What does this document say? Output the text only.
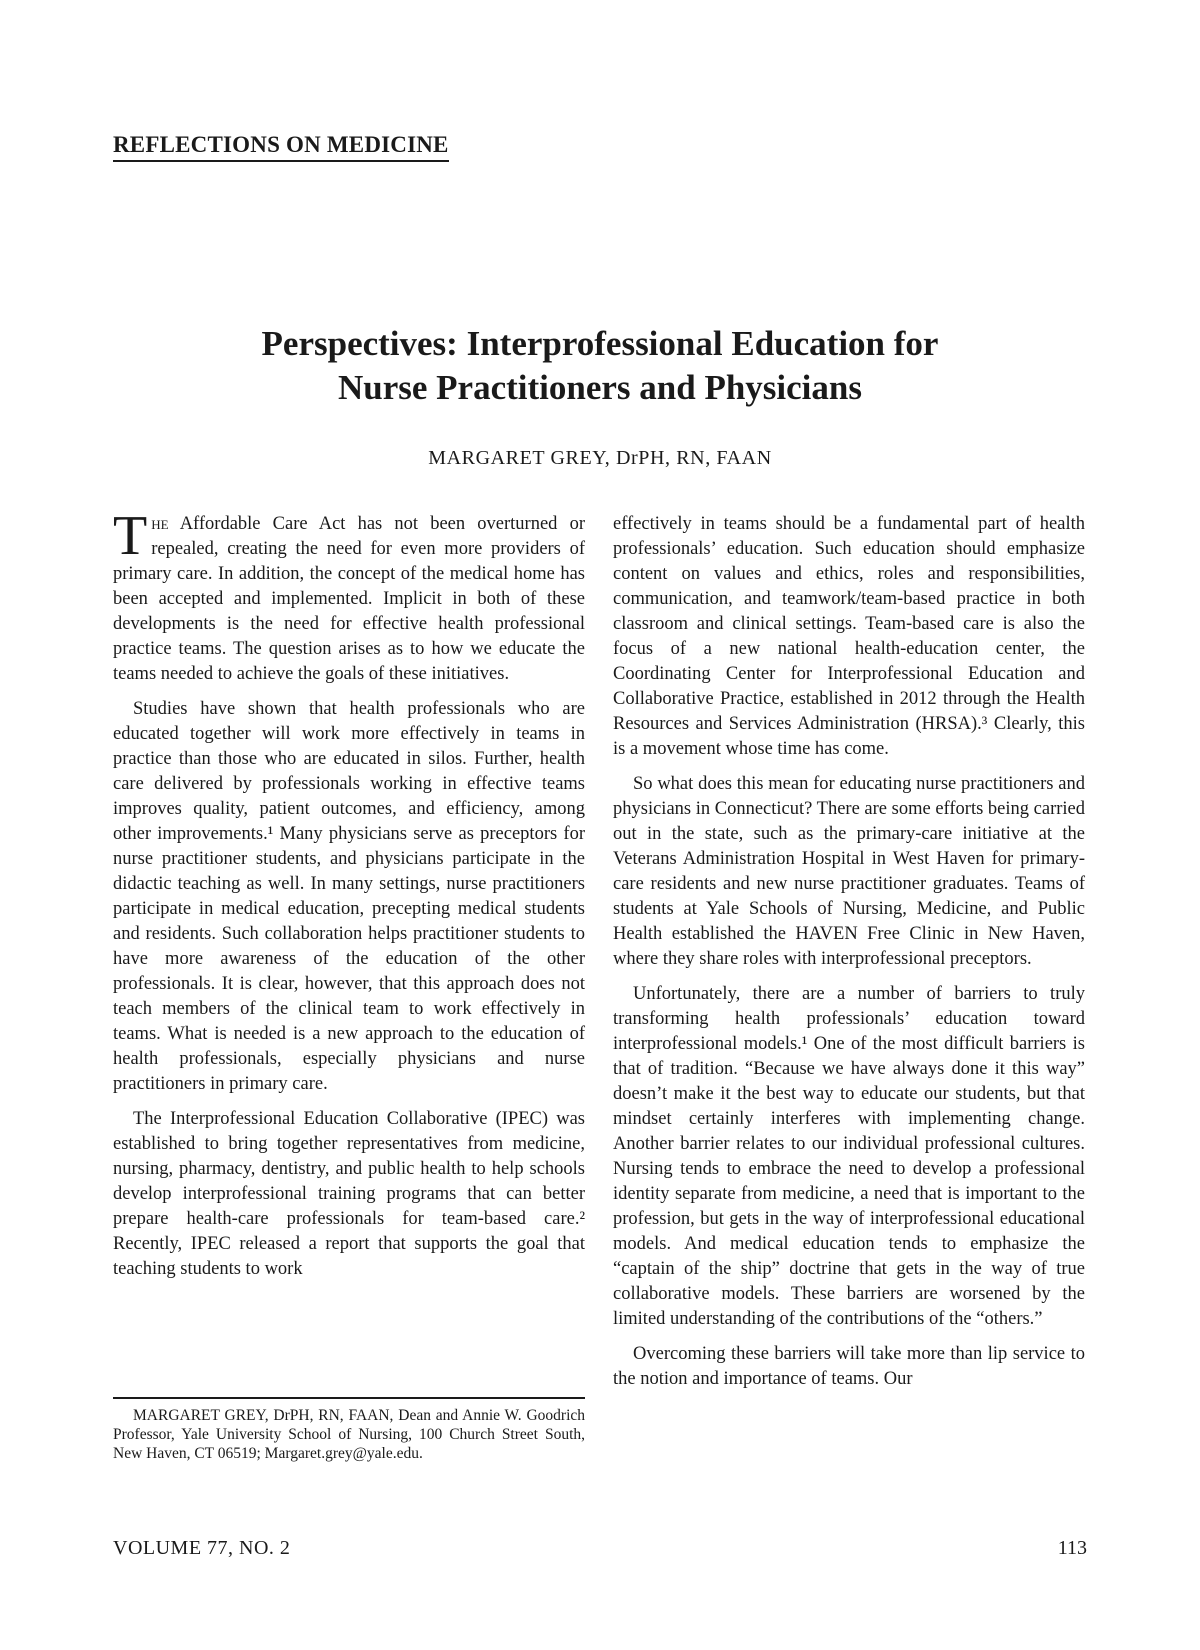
REFLECTIONS ON MEDICINE
Perspectives: Interprofessional Education for
Nurse Practitioners and Physicians
MARGARET GREY, DrPH, RN, FAAN

The Affordable Care Act has not been overturned or repealed, creating the need for even more providers of primary care. In addition, the concept of the medical home has been accepted and implemented. Implicit in both of these developments is the need for effective health professional practice teams. The question arises as to how we educate the teams needed to achieve the goals of these initiatives.

Studies have shown that health professionals who are educated together will work more effectively in teams in practice than those who are educated in silos. Further, health care delivered by professionals working in effective teams improves quality, patient outcomes, and efficiency, among other improvements.¹ Many physicians serve as preceptors for nurse practitioner students, and physicians participate in the didactic teaching as well. In many settings, nurse practitioners participate in medical education, precepting medical students and residents. Such collaboration helps practitioner students to have more awareness of the education of the other professionals. It is clear, however, that this approach does not teach members of the clinical team to work effectively in teams. What is needed is a new approach to the education of health professionals, especially physicians and nurse practitioners in primary care.

The Interprofessional Education Collaborative (IPEC) was established to bring together representatives from medicine, nursing, pharmacy, dentistry, and public health to help schools develop interprofessional training programs that can better prepare health-care professionals for team-based care.² Recently, IPEC released a report that supports the goal that teaching students to work

effectively in teams should be a fundamental part of health professionals’ education. Such education should emphasize content on values and ethics, roles and responsibilities, communication, and teamwork/team-based practice in both classroom and clinical settings. Team-based care is also the focus of a new national health-education center, the Coordinating Center for Interprofessional Education and Collaborative Practice, established in 2012 through the Health Resources and Services Administration (HRSA).³ Clearly, this is a movement whose time has come.

So what does this mean for educating nurse practitioners and physicians in Connecticut? There are some efforts being carried out in the state, such as the primary-care initiative at the Veterans Administration Hospital in West Haven for primary-care residents and new nurse practitioner graduates. Teams of students at Yale Schools of Nursing, Medicine, and Public Health established the HAVEN Free Clinic in New Haven, where they share roles with interprofessional preceptors.

Unfortunately, there are a number of barriers to truly transforming health professionals’ education toward interprofessional models.¹ One of the most difficult barriers is that of tradition. “Because we have always done it this way” doesn’t make it the best way to educate our students, but that mindset certainly interferes with implementing change. Another barrier relates to our individual professional cultures. Nursing tends to embrace the need to develop a professional identity separate from medicine, a need that is important to the profession, but gets in the way of interprofessional educational models. And medical education tends to emphasize the “captain of the ship” doctrine that gets in the way of true collaborative models. These barriers are worsened by the limited understanding of the contributions of the “others.”

Overcoming these barriers will take more than lip service to the notion and importance of teams. Our

MARGARET GREY, DrPH, RN, FAAN, Dean and Annie W. Goodrich Professor, Yale University School of Nursing, 100 Church Street South, New Haven, CT 06519; Margaret.grey@yale.edu.
VOLUME 77, NO. 2	113
